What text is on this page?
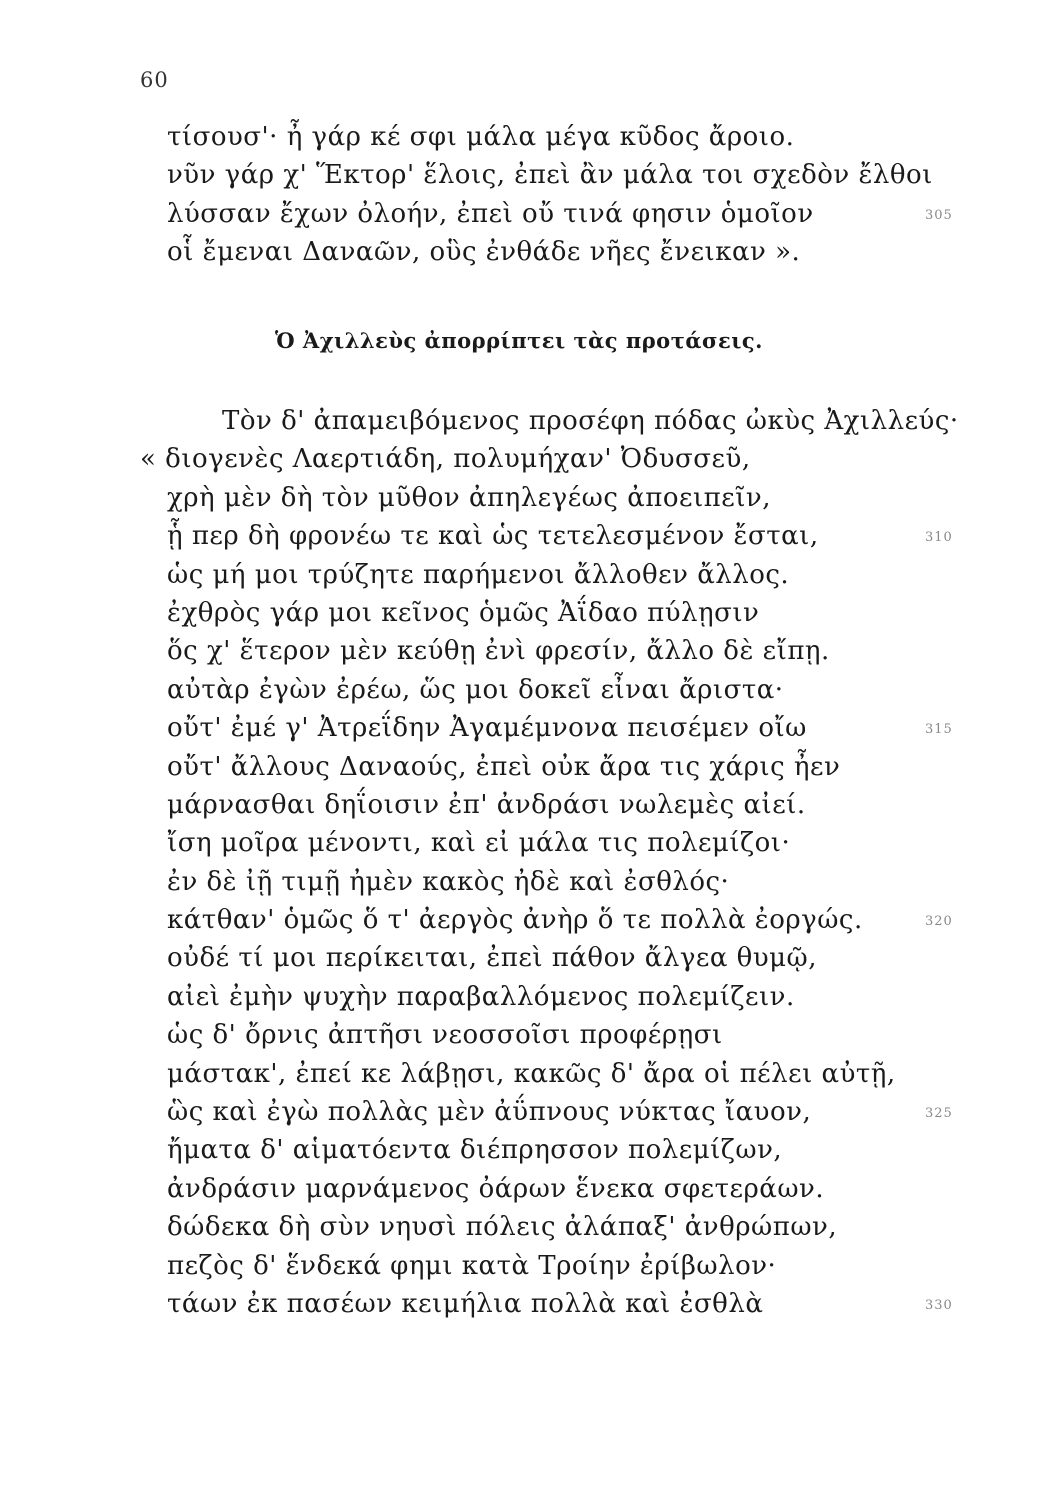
60
τίσουσ'· ἦ γάρ κέ σφι μάλα μέγα κῦδος ἄροιο.
νῦν γάρ χ' Ἕκτορ' ἕλοις, ἐπεὶ ἂν μάλα τοι σχεδὸν ἔλθοι
λύσσαν ἔχων ὀλοήν, ἐπεὶ οὔ τινά φησιν ὁμοῖον	305
οἷ ἔμεναι Δαναῶν, οὓς ἐνθάδε νῆες ἔνεικαν ».
Ὁ Ἀχιλλεὺς ἀπορρίπτει τὰς προτάσεις.
Τὸν δ' ἀπαμειβόμενος προσέφη πόδας ὠκὺς Ἀχιλλεύς·
« διογενὲς Λαερτιάδη, πολυμήχαν' Ὀδυσσεῦ,
χρὴ μὲν δὴ τὸν μῦθον ἀπηλεγέως ἀποειπεῖν,
ᾗ περ δὴ φρονέω τε καὶ ὡς τετελεσμένον ἔσται,	310
ὡς μή μοι τρύζητε παρήμενοι ἄλλοθεν ἄλλος.
ἐχθρὸς γάρ μοι κεῖνος ὁμῶς Ἀΐδαο πύλῃσιν
ὅς χ' ἕτερον μὲν κεύθῃ ἐνὶ φρεσίν, ἄλλο δὲ εἴπῃ.
αὐτὰρ ἐγὼν ἐρέω, ὥς μοι δοκεῖ εἶναι ἄριστα·
οὔτ' ἐμέ γ' Ἀτρεΐδην Ἀγαμέμνονα πεισέμεν οἴω	315
οὔτ' ἄλλους Δαναούς, ἐπεὶ οὐκ ἄρα τις χάρις ἦεν
μάρνασθαι δηΐοισιν ἐπ' ἀνδράσι νωλεμὲς αἰεί.
ἴση μοῖρα μένοντι, καὶ εἰ μάλα τις πολεμίζοι·
ἐν δὲ ἰῇ τιμῇ ἠμὲν κακὸς ἠδὲ καὶ ἐσθλός·
κάτθαν' ὁμῶς ὅ τ' ἀεργὸς ἀνὴρ ὅ τε πολλὰ ἐοργώς.	320
οὐδέ τί μοι περίκειται, ἐπεὶ πάθον ἄλγεα θυμῷ,
αἰεὶ ἐμὴν ψυχὴν παραβαλλόμενος πολεμίζειν.
ὡς δ' ὄρνις ἀπτῆσι νεοσσοῖσι προφέρῃσι
μάστακ', ἐπεί κε λάβῃσι, κακῶς δ' ἄρα οἱ πέλει αὐτῇ,
ὣς καὶ ἐγὼ πολλὰς μὲν ἀΰπνους νύκτας ἴαυον,	325
ἤματα δ' αἱματόεντα διέπρησσον πολεμίζων,
ἀνδράσιν μαρνάμενος ὀάρων ἕνεκα σφετεράων.
δώδεκα δὴ σὺν νηυσὶ πόλεις ἀλάπαξ' ἀνθρώπων,
πεζὸς δ' ἕνδεκά φημι κατὰ Τροίην ἐρίβωλον·
τάων ἐκ πασέων κειμήλια πολλὰ καὶ ἐσθλὰ	330
